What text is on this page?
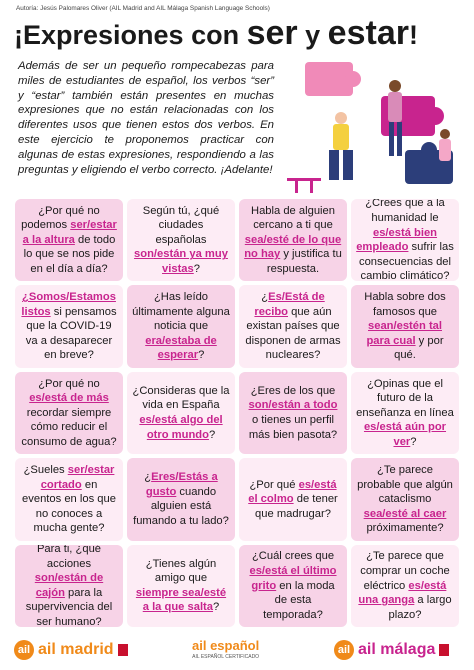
Autoría: Jesús Palomares Oliver (AIL Madrid and AIL Málaga Spanish Language Schools)
¡Expresiones con ser y estar!
Además de ser un pequeño rompecabezas para miles de estudiantes de español, los verbos “ser” y “estar” también están presentes en muchas expresiones que no están relacionadas con los diferentes usos que tienen estos dos verbos. En este ejercicio te proponemos practicar con algunas de estas expresiones, respondiendo a las preguntas y eligiendo el verbo correcto. ¡Adelante!
¿Por qué no podemos ser/estar a la altura de todo lo que se nos pide en el día a día?
Según tú, ¿qué ciudades españolas son/están ya muy vistas?
Habla de alguien cercano a ti que sea/esté de lo que no hay y justifica tu respuesta.
¿Crees que a la humanidad le es/está bien empleado sufrir las consecuencias del cambio climático?
¿Somos/Estamos listos si pensamos que la COVID-19 va a desaparecer en breve?
¿Has leído últimamente alguna noticia que era/estaba de esperar?
¿Es/Está de recibo que aún existan países que disponen de armas nucleares?
Habla sobre dos famosos que sean/estén tal para cual y por qué.
¿Por qué no es/está de más recordar siempre cómo reducir el consumo de agua?
¿Consideras que la vida en España es/está algo del otro mundo?
¿Eres de los que son/están a todo o tienes un perfil más bien pasota?
¿Opinas que el futuro de la enseñanza en línea es/está aún por ver?
¿Sueles ser/estar cortado en eventos en los que no conoces a mucha gente?
¿Eres/Estás a gusto cuando alguien está fumando a tu lado?
¿Por qué es/está el colmo de tener que madrugar?
¿Te parece probable que algún cataclismo sea/esté al caer próximamente?
Para ti, ¿qué acciones son/están de cajón para la supervivencia del ser humano?
¿Tienes algún amigo que siempre sea/esté a la que salta?
¿Cuál crees que es/está el último grito en la moda de esta temporada?
¿Te parece que comprar un coche eléctrico es/está una ganga a largo plazo?
ail ail madrid	ail español
AIL ESPAÑOL CERTIFICADO
ail ail málaga
